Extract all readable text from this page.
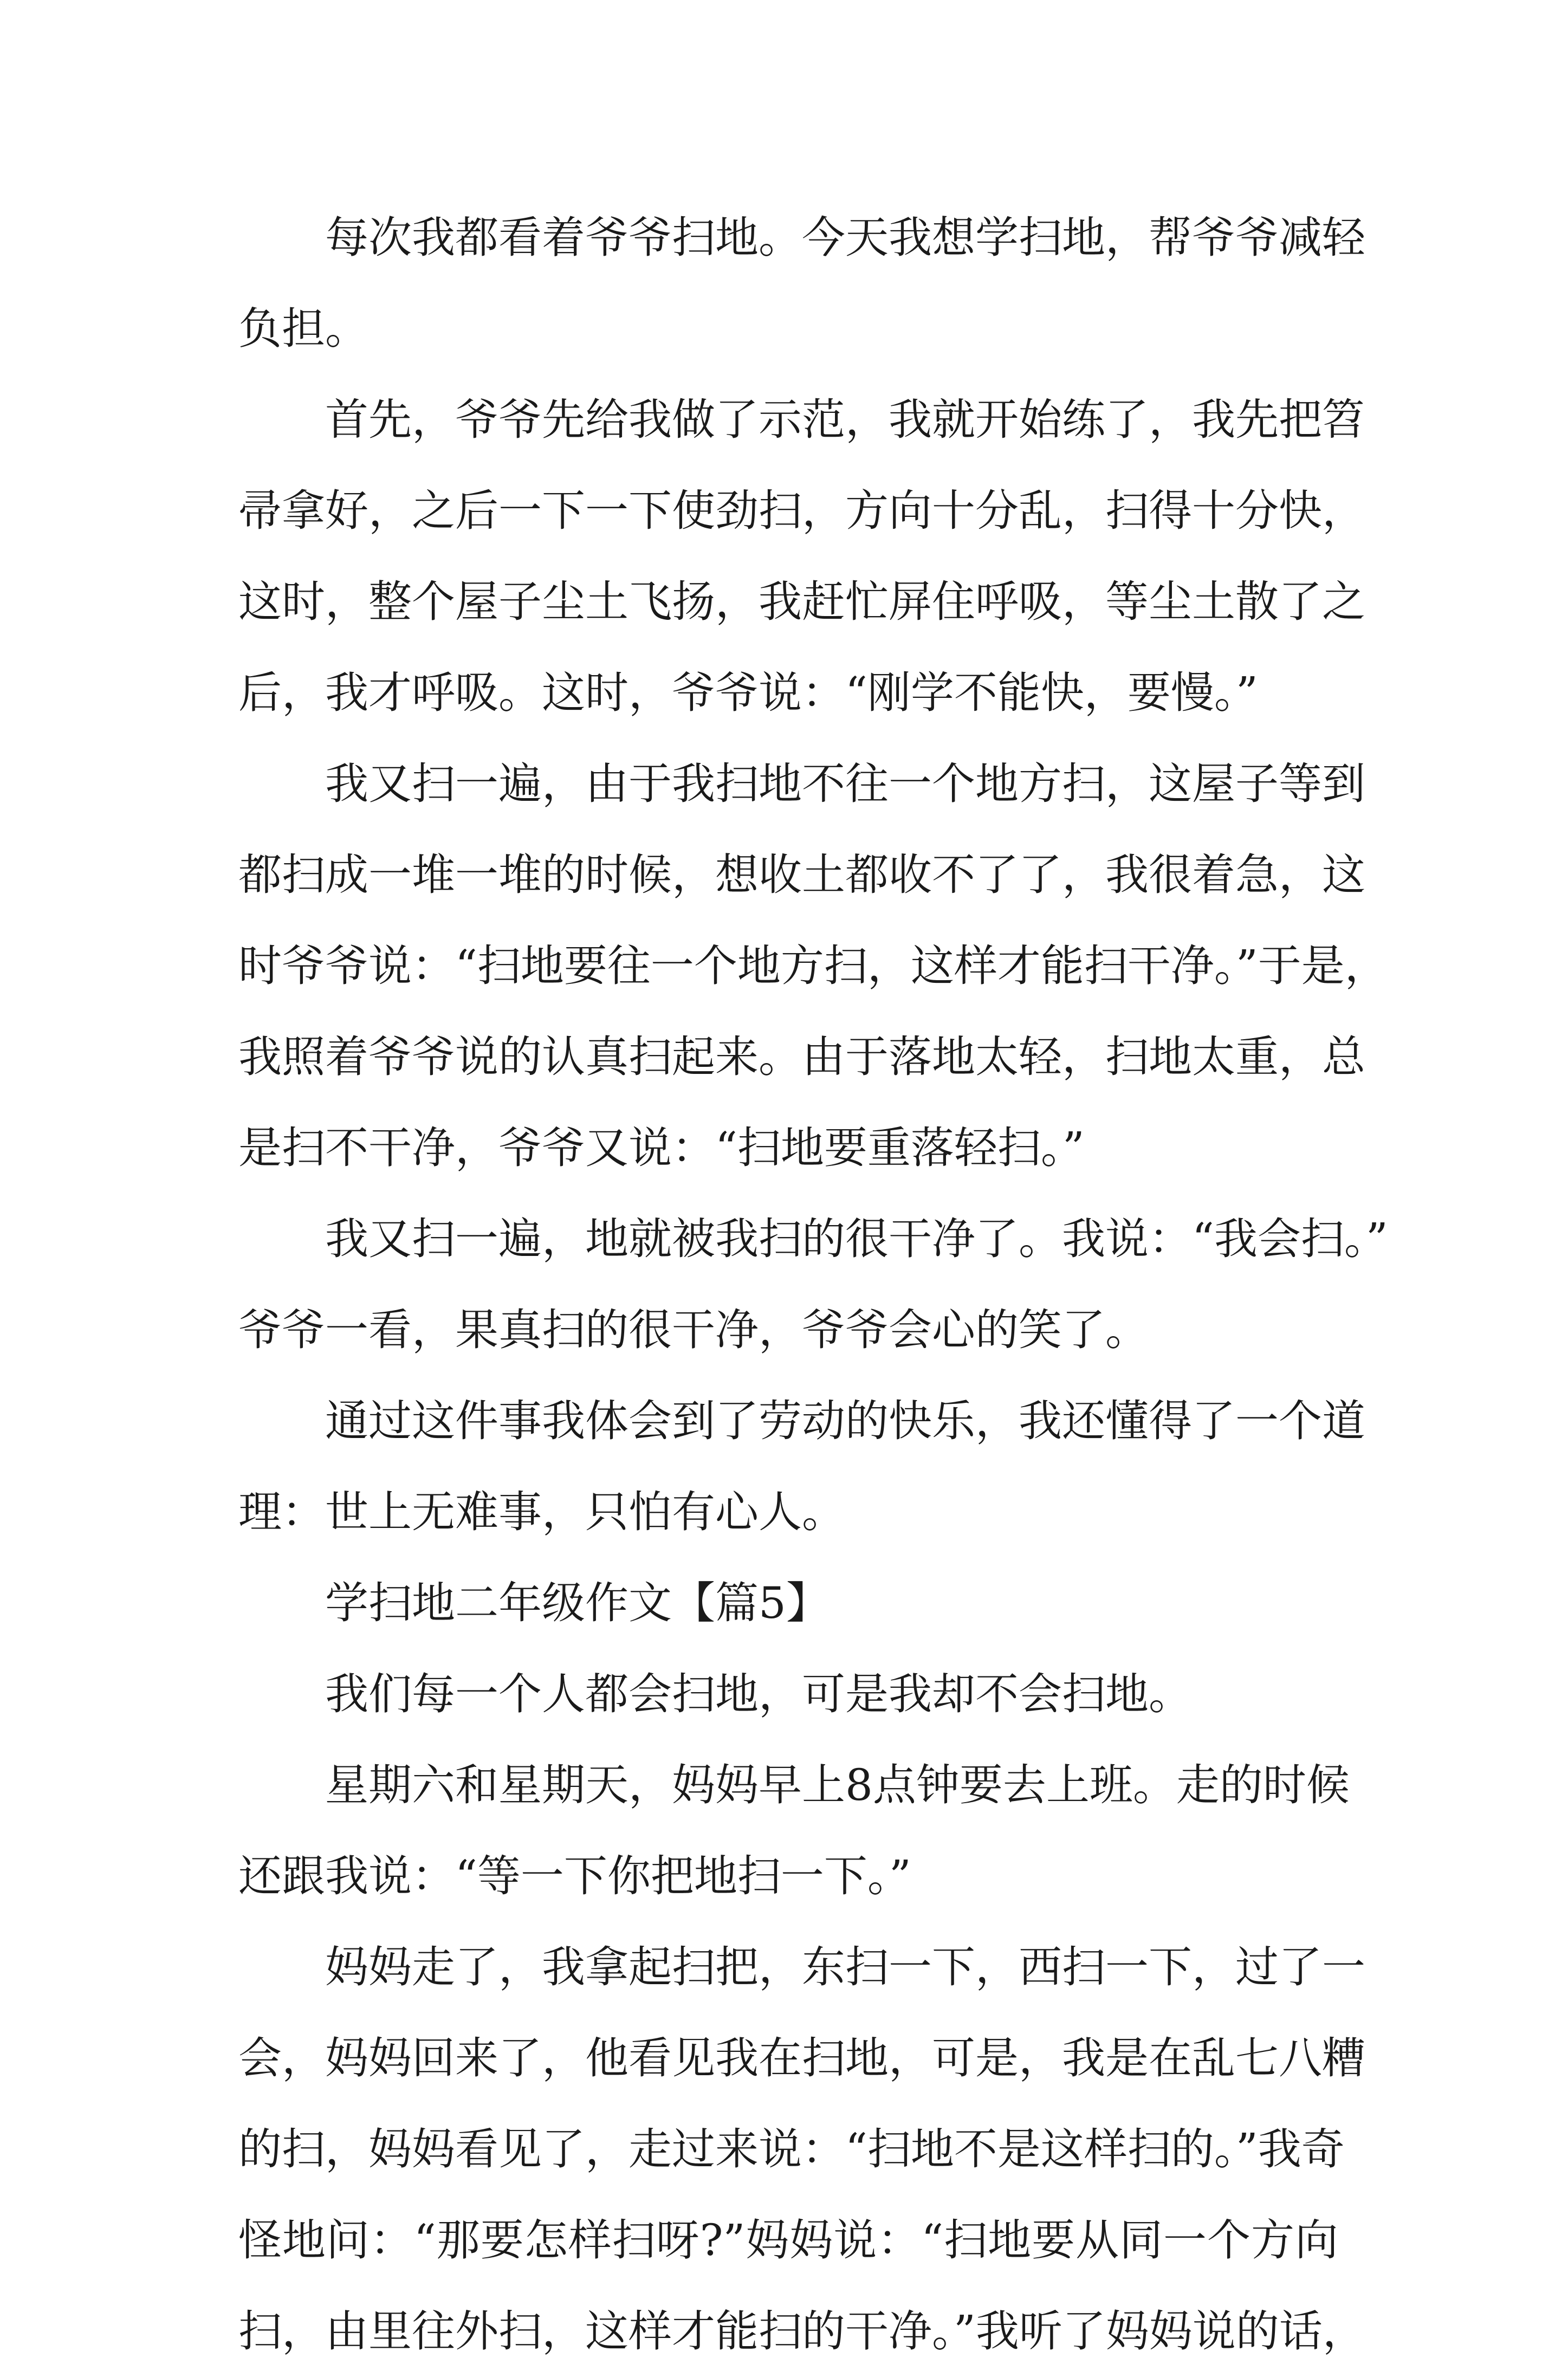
每次我都看着爷爷扫地。今天我想学扫地，帮爷爷减轻
负担。
首先，爷爷先给我做了示范，我就开始练了，我先把笤
帚拿好，之后一下一下使劲扫，方向十分乱，扫得十分快，
这时，整个屋子尘土飞扬，我赶忙屏住呼吸，等尘土散了之
后，我才呼吸。这时，爷爷说：“刚学不能快，要慢。”
我又扫一遍，由于我扫地不往一个地方扫，这屋子等到
都扫成一堆一堆的时候，想收土都收不了了，我很着急，这
时爷爷说：“扫地要往一个地方扫，这样才能扫干净。”于是，
我照着爷爷说的认真扫起来。由于落地太轻，扫地太重，总
是扫不干净，爷爷又说：“扫地要重落轻扫。”
我又扫一遍，地就被我扫的很干净了。我说：“我会扫。”
爷爷一看，果真扫的很干净，爷爷会心的笑了。
通过这件事我体会到了劳动的快乐，我还懂得了一个道
理：世上无难事，只怕有心人。
学扫地二年级作文【篇5】
我们每一个人都会扫地，可是我却不会扫地。
星期六和星期天，妈妈早上8点钟要去上班。走的时候
还跟我说：“等一下你把地扫一下。”
妈妈走了，我拿起扫把，东扫一下，西扫一下，过了一
会，妈妈回来了，他看见我在扫地，可是，我是在乱七八糟
的扫，妈妈看见了，走过来说：“扫地不是这样扫的。”我奇
怪地问：“那要怎样扫呀?”妈妈说：“扫地要从同一个方向
扫，由里往外扫，这样才能扫的干净。”我听了妈妈说的话，
